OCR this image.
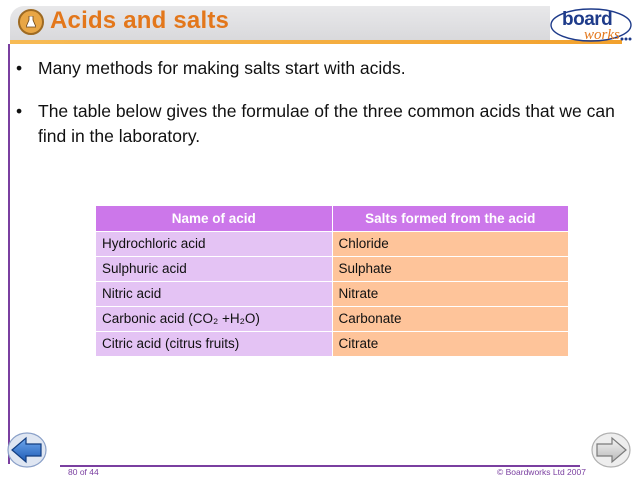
Acids and salts	board
works
• Many methods for making salts start with acids.
• The table below gives the formulae of the three common acids that we can find in the laboratory.
Name of acid	Salts formed from the acid
Hydrochloric acid	Chloride
Sulphuric acid	Sulphate
Nitric acid	Nitrate
Carbonic acid (CO₂ +H₂O)	Carbonate
Citric acid (citrus fruits)	Citrate
80 of 44	© Boardworks Ltd 2007
